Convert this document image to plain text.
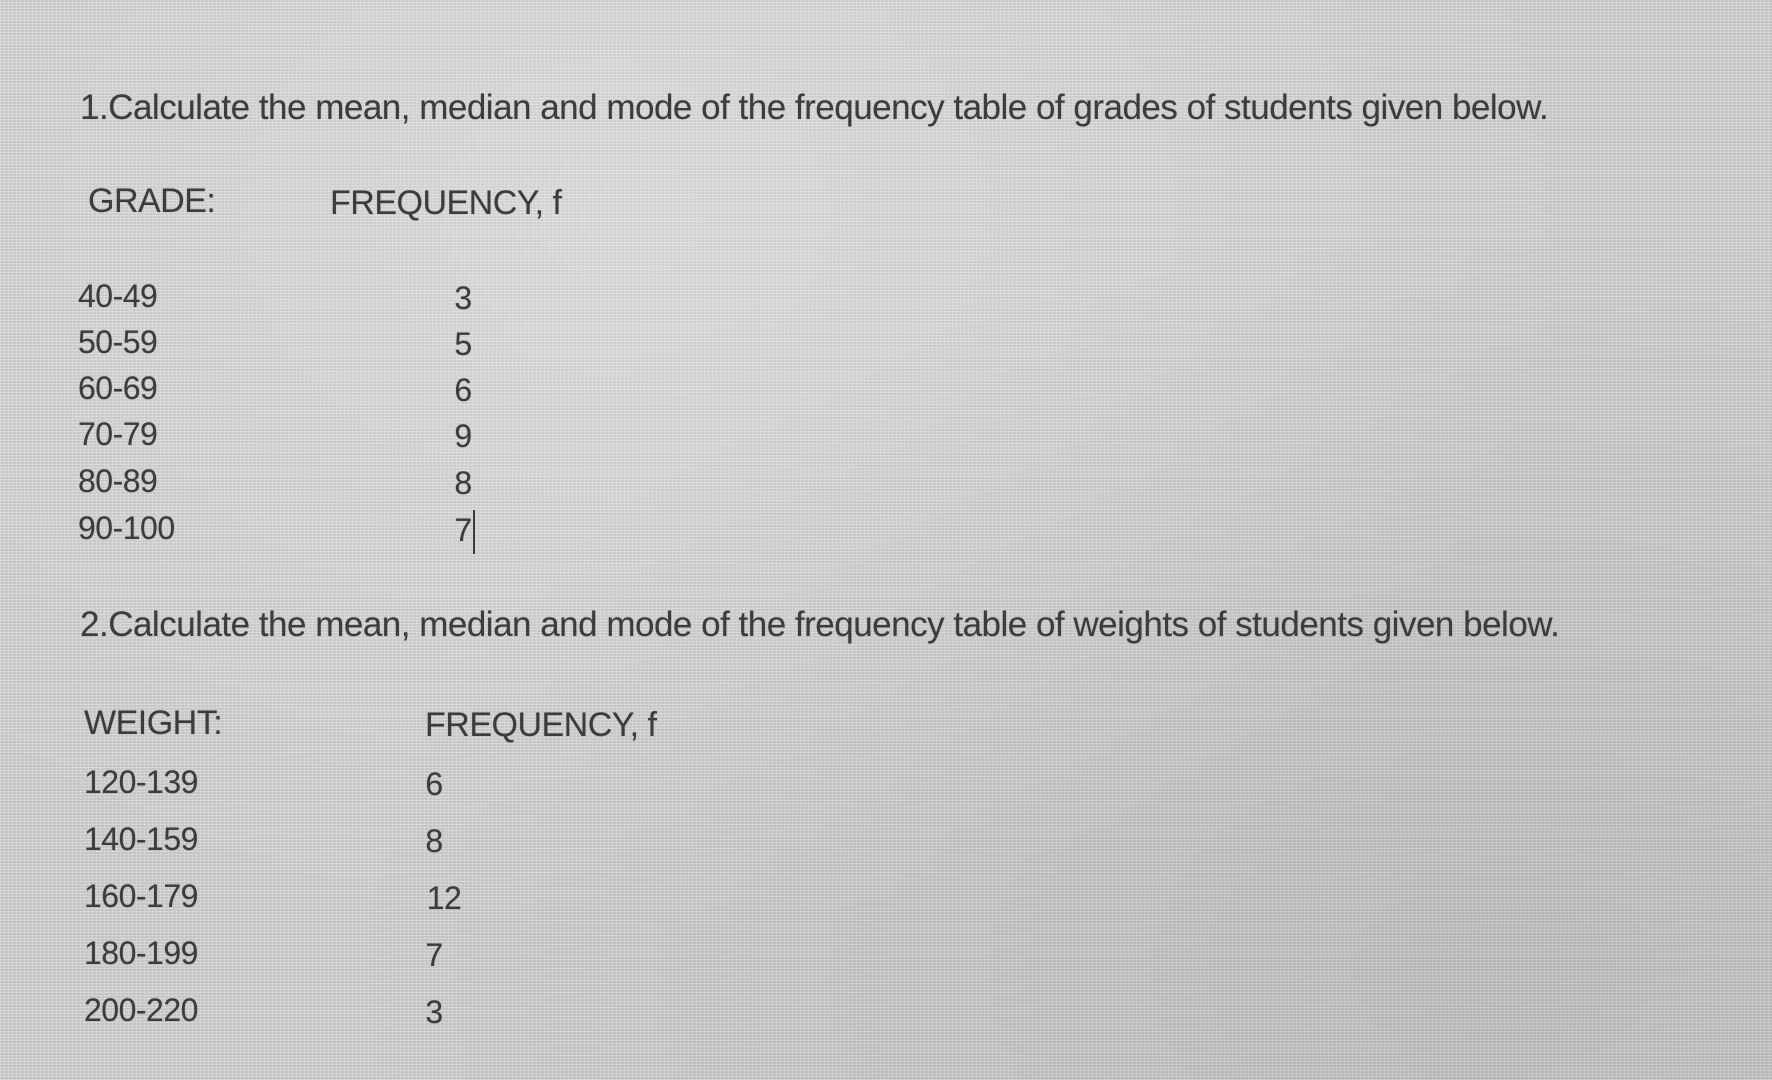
1.Calculate the mean, median and mode of the frequency table of grades of students given below.
GRADE:	FREQUENCY, f
40-49	3
50-59	5
60-69	6
70-79	9
80-89	8
90-100	7
2.Calculate the mean, median and mode of the frequency table of weights of students given below.
WEIGHT:	FREQUENCY, f
120-139	6
140-159	8
160-179	12
180-199	7
200-220	3
